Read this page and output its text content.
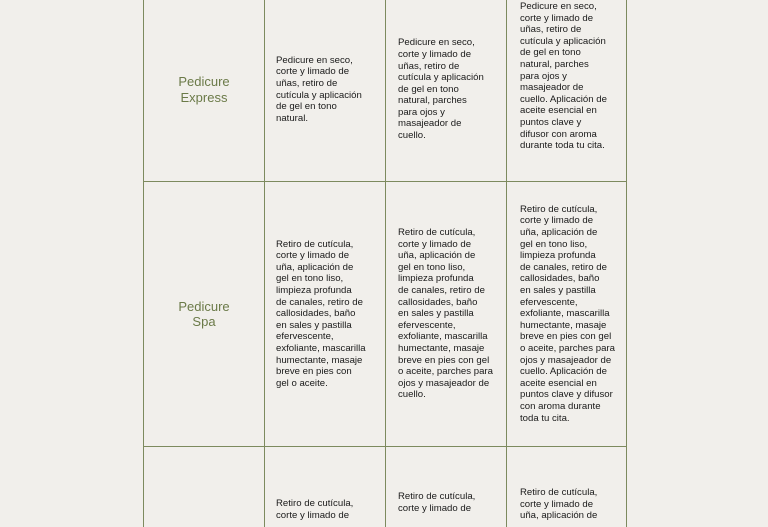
Pedicure
Express
Pedicure en seco,
corte y limado de
uñas, retiro de
cutícula y aplicación
de gel en tono
natural.
Pedicure en seco,
corte y limado de
uñas, retiro de
cutícula y aplicación
de gel en tono
natural, parches
para ojos y
masajeador de
cuello.
Pedicure en seco,
corte y limado de
uñas, retiro de
cutícula y aplicación
de gel en tono
natural, parches
para ojos y
masajeador de
cuello. Aplicación de
aceite esencial en
puntos clave y
difusor con aroma
durante toda tu cita.
Pedicure
Spa
Retiro de cutícula,
corte y limado de
uña, aplicación de
gel en tono liso,
limpieza profunda
de canales, retiro de
callosidades, baño
en sales y pastilla
efervescente,
exfoliante, mascarilla
humectante, masaje
breve en pies con
gel o aceite.
Retiro de cutícula,
corte y limado de
uña, aplicación de
gel en tono liso,
limpieza profunda
de canales, retiro de
callosidades, baño
en sales y pastilla
efervescente,
exfoliante, mascarilla
humectante, masaje
breve en pies con gel
o aceite, parches para
ojos y masajeador de
cuello.
Retiro de cutícula,
corte y limado de
uña, aplicación de
gel en tono liso,
limpieza profunda
de canales, retiro de
callosidades, baño
en sales y pastilla
efervescente,
exfoliante, mascarilla
humectante, masaje
breve en pies con gel
o aceite, parches para
ojos y masajeador de
cuello. Aplicación de
aceite esencial en
puntos clave y difusor
con aroma durante
toda tu cita.
Retiro de cutícula,
corte y limado de
Retiro de cutícula,
corte y limado de
Retiro de cutícula,
corte y limado de
uña, aplicación de
